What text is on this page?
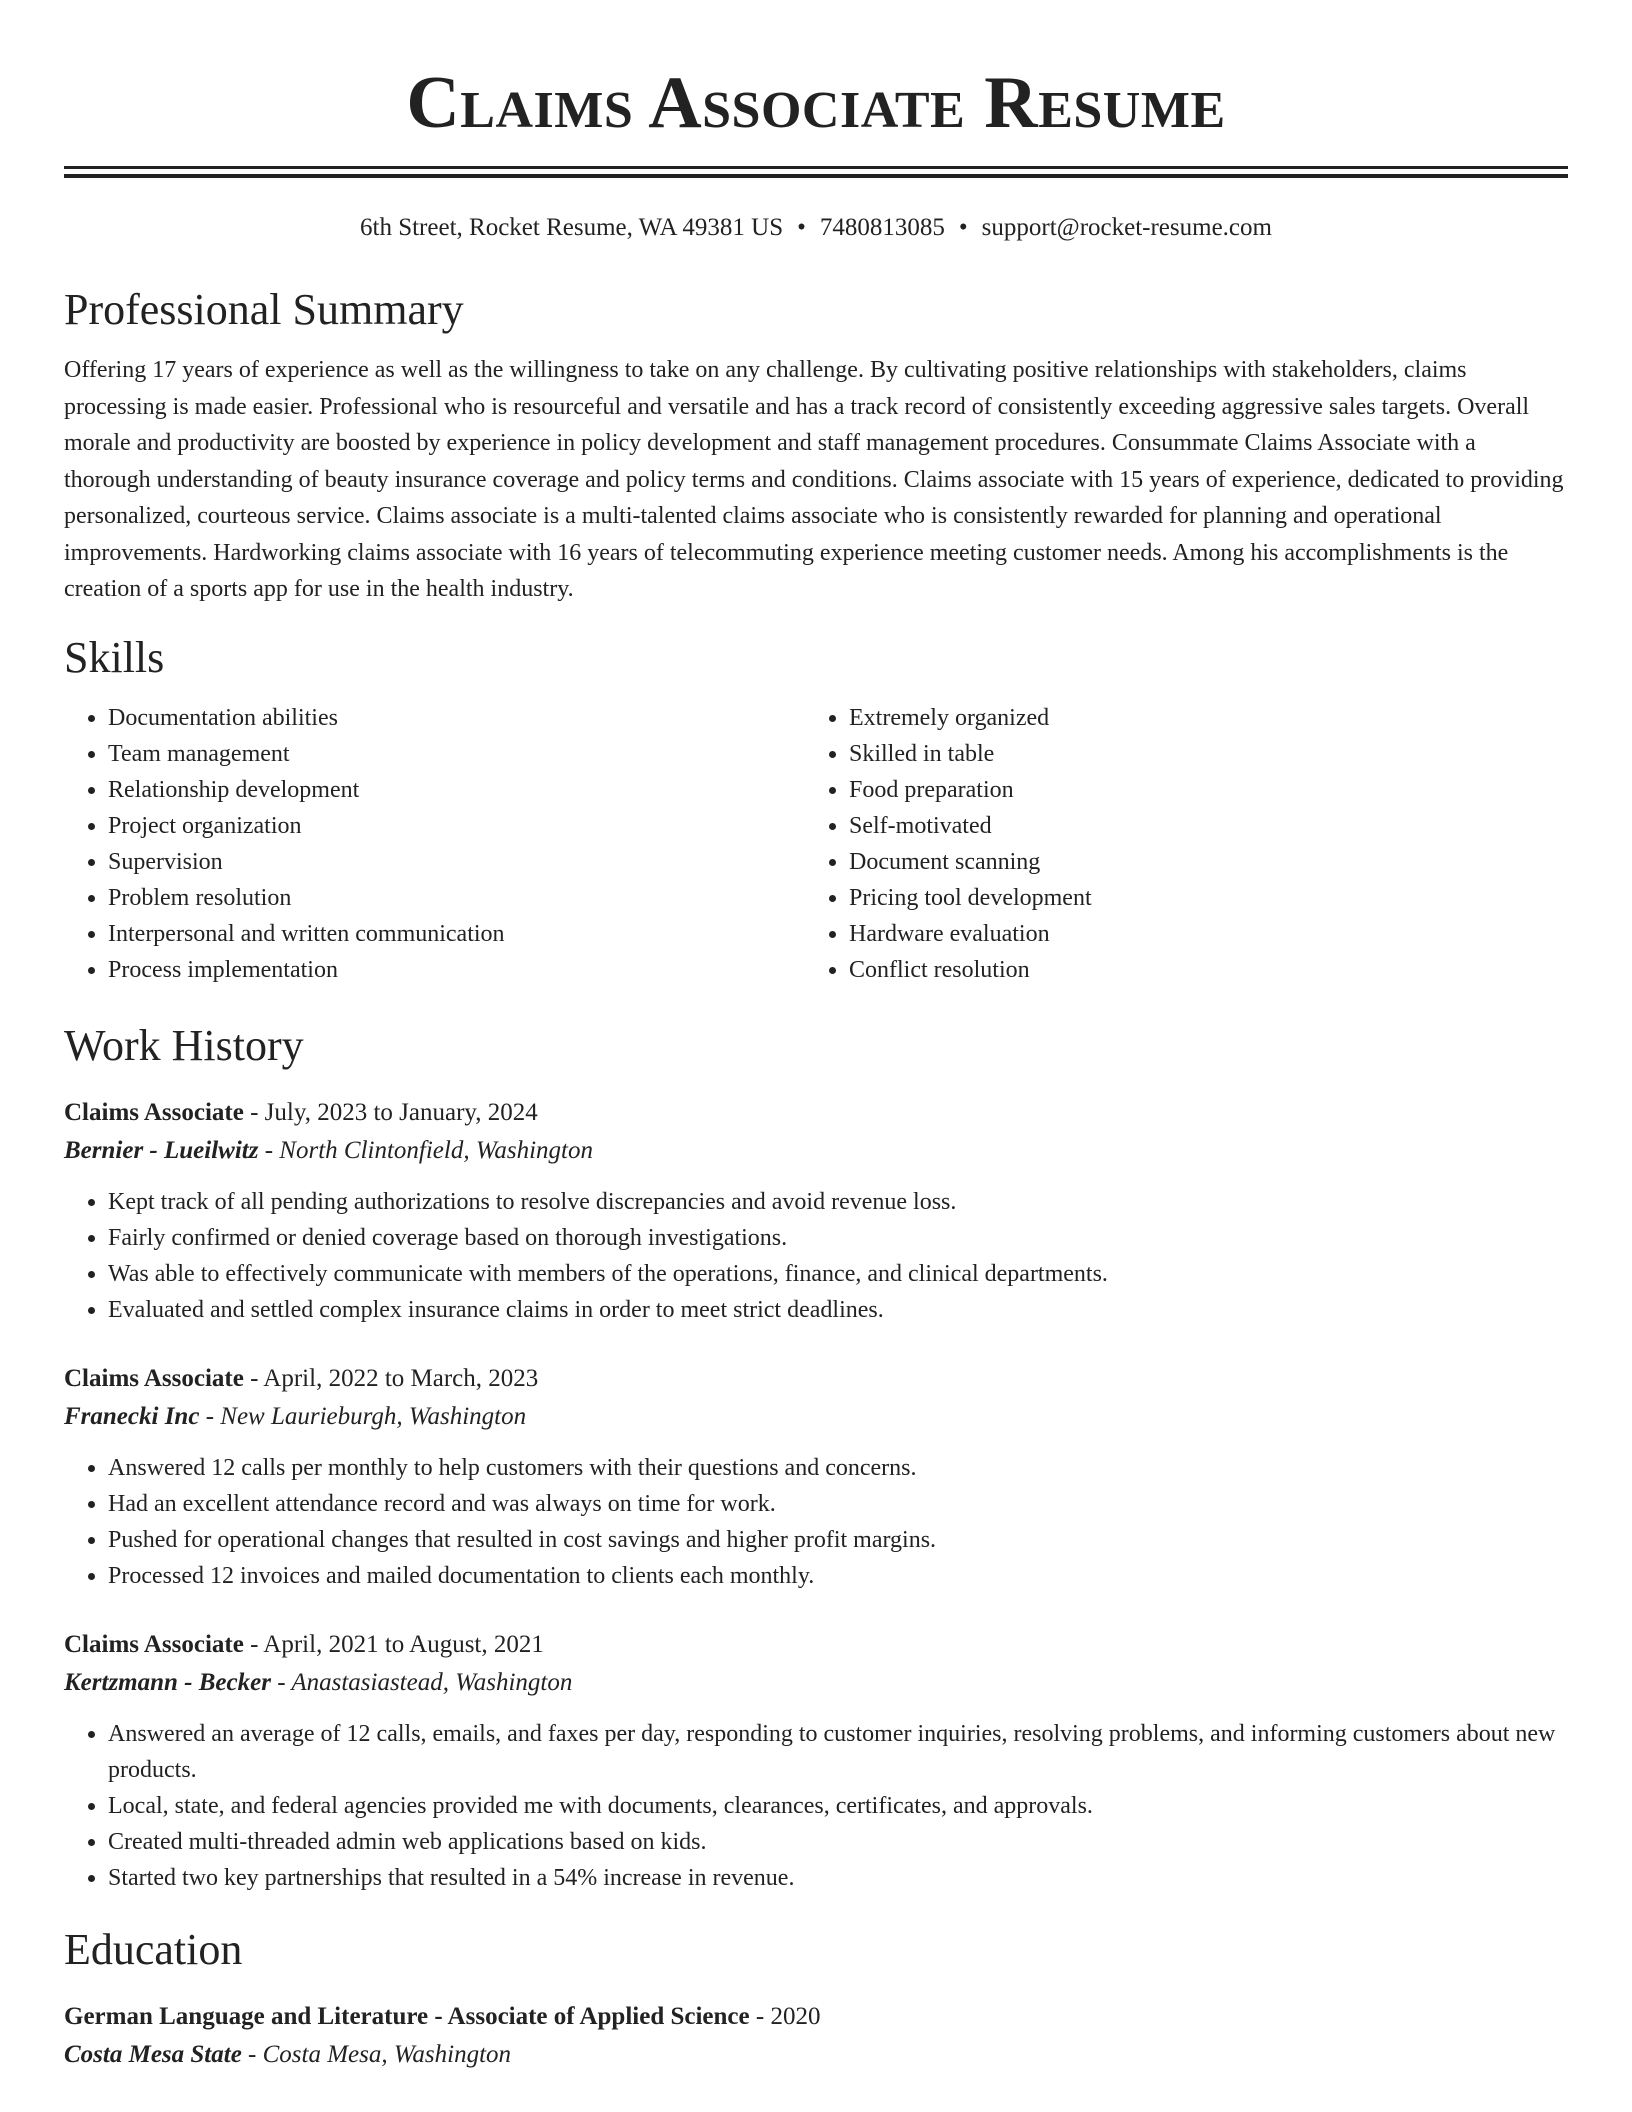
Claims Associate Resume
6th Street, Rocket Resume, WA 49381 US • 7480813085 • support@rocket-resume.com
Professional Summary
Offering 17 years of experience as well as the willingness to take on any challenge. By cultivating positive relationships with stakeholders, claims processing is made easier. Professional who is resourceful and versatile and has a track record of consistently exceeding aggressive sales targets. Overall morale and productivity are boosted by experience in policy development and staff management procedures. Consummate Claims Associate with a thorough understanding of beauty insurance coverage and policy terms and conditions. Claims associate with 15 years of experience, dedicated to providing personalized, courteous service. Claims associate is a multi-talented claims associate who is consistently rewarded for planning and operational improvements. Hardworking claims associate with 16 years of telecommuting experience meeting customer needs. Among his accomplishments is the creation of a sports app for use in the health industry.
Skills
• Documentation abilities
• Team management
• Relationship development
• Project organization
• Supervision
• Problem resolution
• Interpersonal and written communication
• Process implementation
• Extremely organized
• Skilled in table
• Food preparation
• Self-motivated
• Document scanning
• Pricing tool development
• Hardware evaluation
• Conflict resolution
Work History
Claims Associate - July, 2023 to January, 2024
Bernier - Lueilwitz - North Clintonfield, Washington
• Kept track of all pending authorizations to resolve discrepancies and avoid revenue loss.
• Fairly confirmed or denied coverage based on thorough investigations.
• Was able to effectively communicate with members of the operations, finance, and clinical departments.
• Evaluated and settled complex insurance claims in order to meet strict deadlines.
Claims Associate - April, 2022 to March, 2023
Franecki Inc - New Laurieburgh, Washington
• Answered 12 calls per monthly to help customers with their questions and concerns.
• Had an excellent attendance record and was always on time for work.
• Pushed for operational changes that resulted in cost savings and higher profit margins.
• Processed 12 invoices and mailed documentation to clients each monthly.
Claims Associate - April, 2021 to August, 2021
Kertzmann - Becker - Anastasiastead, Washington
• Answered an average of 12 calls, emails, and faxes per day, responding to customer inquiries, resolving problems, and informing customers about new products.
• Local, state, and federal agencies provided me with documents, clearances, certificates, and approvals.
• Created multi-threaded admin web applications based on kids.
• Started two key partnerships that resulted in a 54% increase in revenue.
Education
German Language and Literature - Associate of Applied Science - 2020
Costa Mesa State - Costa Mesa, Washington
